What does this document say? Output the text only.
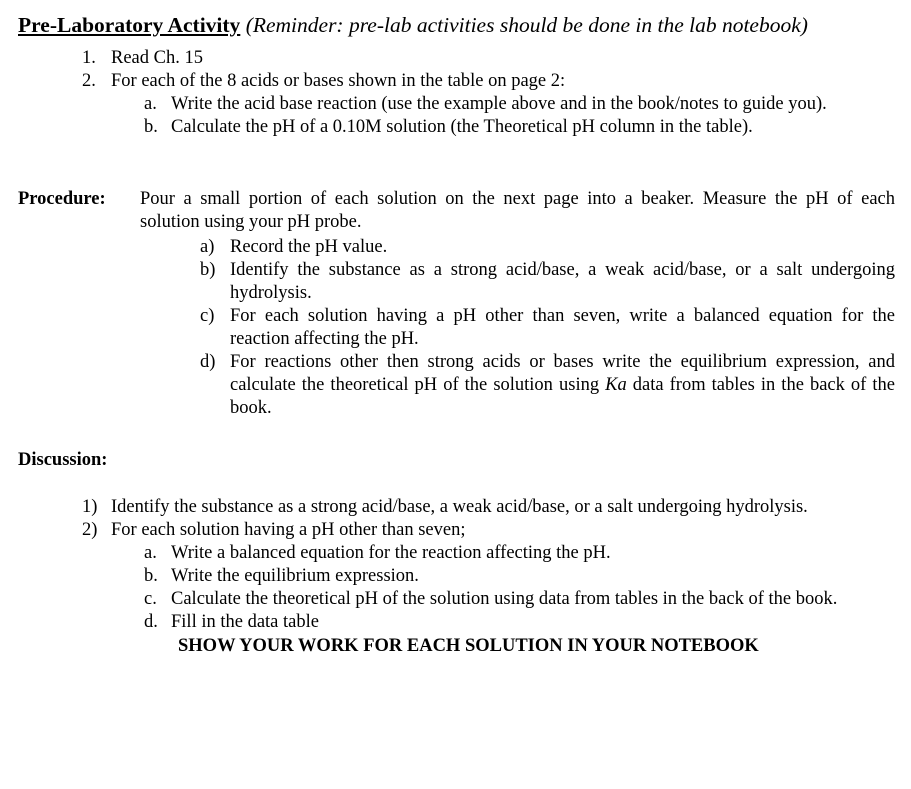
Pre-Laboratory Activity (Reminder: pre-lab activities should be done in the lab notebook)
1. Read Ch. 15
2. For each of the 8 acids or bases shown in the table on page 2:
a. Write the acid base reaction (use the example above and in the book/notes to guide you).
b. Calculate the pH of a 0.10M solution (the Theoretical pH column in the table).
Procedure: Pour a small portion of each solution on the next page into a beaker. Measure the pH of each
solution using your pH probe.
a) Record the pH value.
b) Identify the substance as a strong acid/base, a weak acid/base, or a salt undergoing
hydrolysis.
c) For each solution having a pH other than seven, write a balanced equation for the
reaction affecting the pH.
d) For reactions other then strong acids or bases write the equilibrium expression, and
calculate the theoretical pH of the solution using Ka data from tables in the back of the
book.
Discussion:
1) Identify the substance as a strong acid/base, a weak acid/base, or a salt undergoing hydrolysis.
2) For each solution having a pH other than seven;
a. Write a balanced equation for the reaction affecting the pH.
b. Write the equilibrium expression.
c. Calculate the theoretical pH of the solution using data from tables in the back of the book.
d. Fill in the data table
SHOW YOUR WORK FOR EACH SOLUTION IN YOUR NOTEBOOK
